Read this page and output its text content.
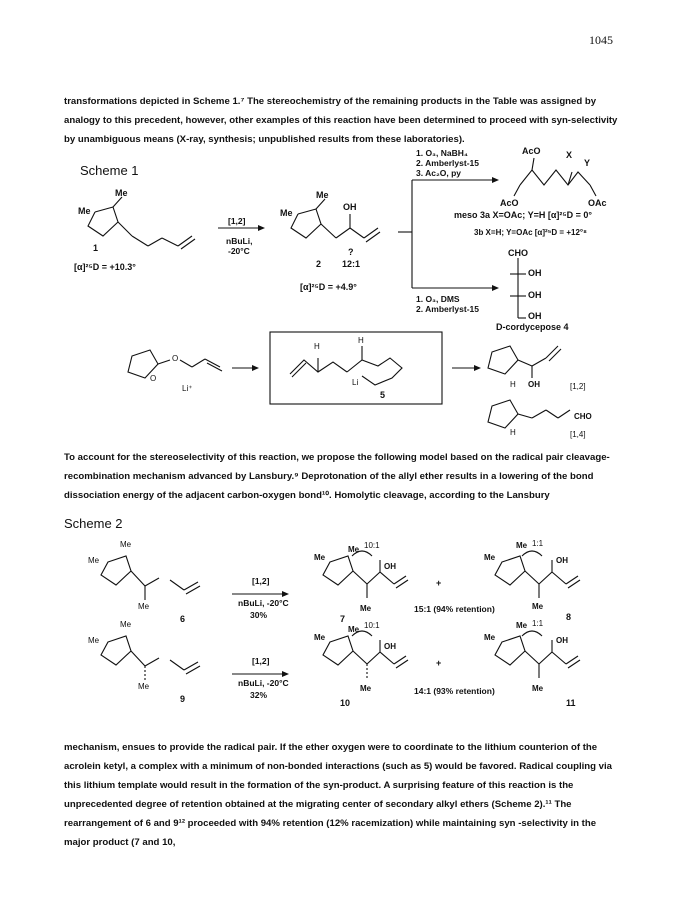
1045

transformations depicted in Scheme 1.⁷ The stereochemistry of the remaining products in the Table was assigned by analogy to this precedent, however, other examples of this reaction have been determined to proceed with syn-selectivity by unambiguous means (X-ray, synthesis; unpublished results from these laboratories).

Scheme 1
Me
Me
1
[α]²⁵D = +10.3°
[1,2]
nBuLi,
-20°C
Me
Me
OH
?
2 12:1
[α]²⁵D = +4.9°
1. O₃, NaBH₄
2. Amberlyst-15
3. Ac₂O, py
AcO	X
Y
AcO	OAc
meso 3a X=OAc; Y=H [α]²⁵D = 0°
3b X=H; Y=OAc [α]²⁵D = +12°⁸
CHO
OH
OH
OH
1. O₃, DMS
2. Amberlyst-15
D-cordycepose 4
O
O
Li⁺
H
H
Li
5
H OH	[1,2]
CHO
H	[1,4]

To account for the stereoselectivity of this reaction, we propose the following model based on the radical pair cleavage-recombination mechanism advanced by Lansbury.⁹ Deprotonation of the allyl ether results in a lowering of the bond dissociation energy of the adjacent carbon-oxygen bond¹⁰. Homolytic cleavage, according to the Lansbury

Scheme 2
Me
Me
Me
6
[1,2]
nBuLi, -20°C
30%
Me 10:1
Me
OH
Me
7
+
15:1 (94% retention)
Me 1:1
Me	OH
Me
8
Me
Me
Me
9
[1,2]
nBuLi, -20°C
32%
Me 10:1
Me
OH
Me
10
+
14:1 (93% retention)
Me 1:1
Me	OH
Me
11

mechanism, ensues to provide the radical pair. If the ether oxygen were to coordinate to the lithium counterion of the acrolein ketyl, a complex with a minimum of non-bonded interactions (such as 5) would be favored. Radical coupling via this lithium template would result in the formation of the syn-product. A surprising feature of this reaction is the unprecedented degree of retention obtained at the migrating center of secondary alkyl ethers (Scheme 2).¹¹ The rearrangement of 6 and 9¹² proceeded with 94% retention (12% racemization) while maintaining syn -selectivity in the major product (7 and 10,
